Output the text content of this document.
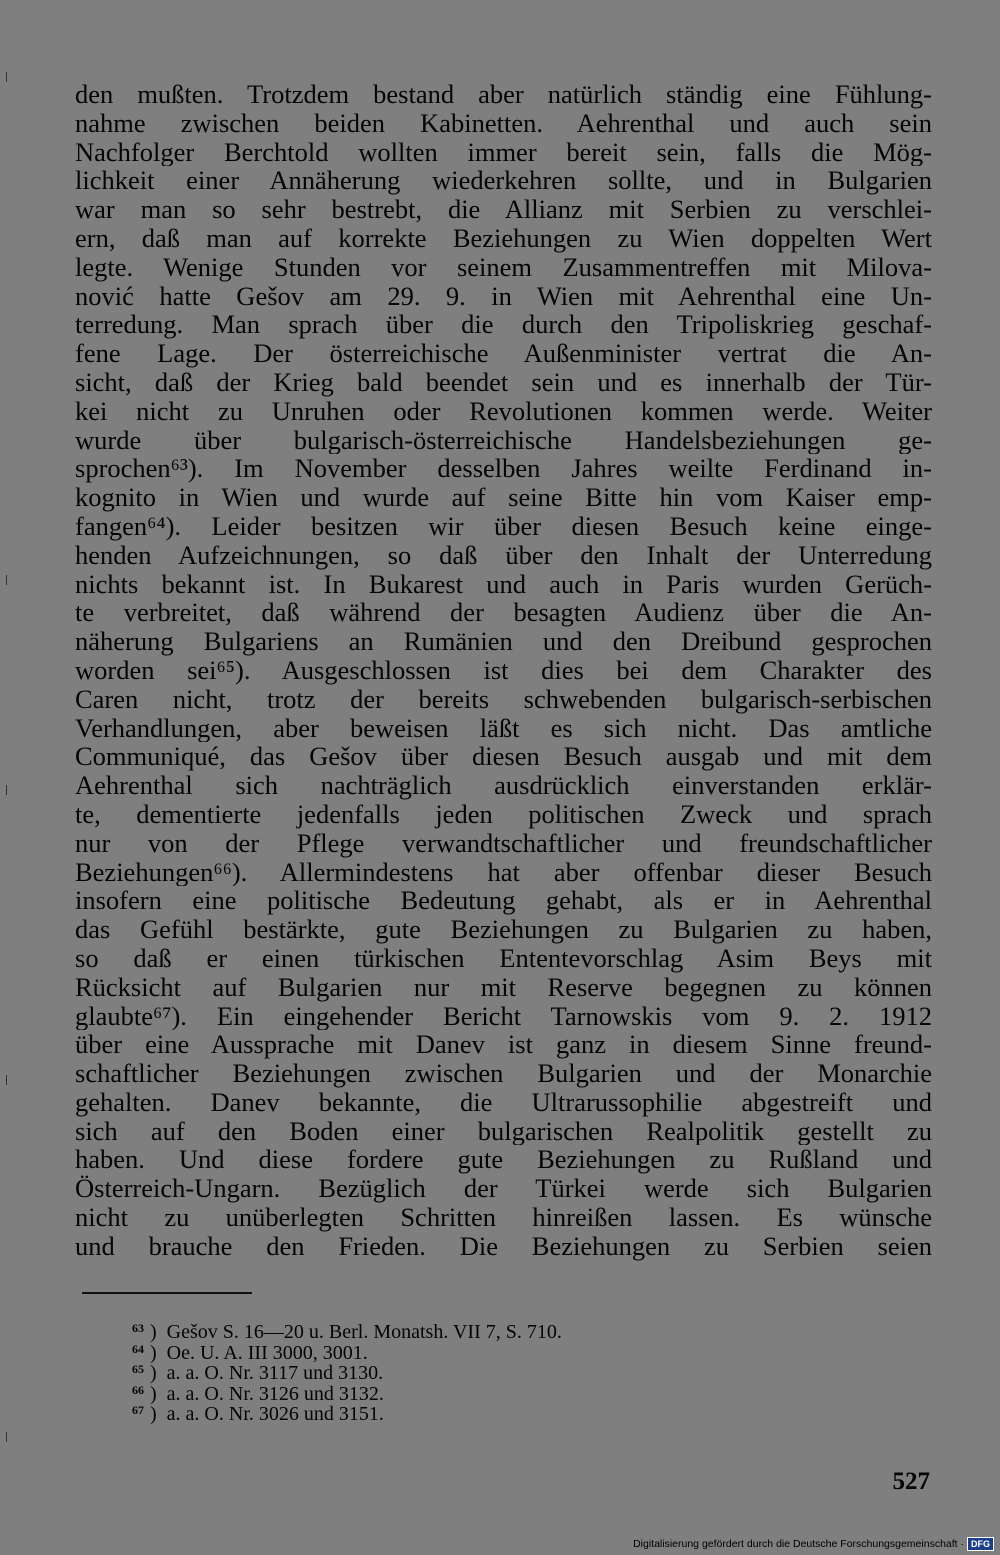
den mußten. Trotzdem bestand aber natürlich ständig eine Fühlung-
nahme zwischen beiden Kabinetten. Aehrenthal und auch sein
Nachfolger Berchtold wollten immer bereit sein, falls die Mög-
lichkeit einer Annäherung wiederkehren sollte, und in Bulgarien
war man so sehr bestrebt, die Allianz mit Serbien zu verschlei-
ern, daß man auf korrekte Beziehungen zu Wien doppelten Wert
legte. Wenige Stunden vor seinem Zusammentreffen mit Milova-
nović hatte Gešov am 29. 9. in Wien mit Aehrenthal eine Un-
terredung. Man sprach über die durch den Tripoliskrieg geschaf-
fene Lage. Der österreichische Außenminister vertrat die An-
sicht, daß der Krieg bald beendet sein und es innerhalb der Tür-
kei nicht zu Unruhen oder Revolutionen kommen werde. Weiter
wurde über bulgarisch-österreichische Handelsbeziehungen ge-
sprochen⁶³). Im November desselben Jahres weilte Ferdinand in-
kognito in Wien und wurde auf seine Bitte hin vom Kaiser emp-
fangen⁶⁴). Leider besitzen wir über diesen Besuch keine einge-
henden Aufzeichnungen, so daß über den Inhalt der Unterredung
nichts bekannt ist. In Bukarest und auch in Paris wurden Gerüch-
te verbreitet, daß während der besagten Audienz über die An-
näherung Bulgariens an Rumänien und den Dreibund gesprochen
worden sei⁶⁵). Ausgeschlossen ist dies bei dem Charakter des
Caren nicht, trotz der bereits schwebenden bulgarisch-serbischen
Verhandlungen, aber beweisen läßt es sich nicht. Das amtliche
Communiqué, das Gešov über diesen Besuch ausgab und mit dem
Aehrenthal sich nachträglich ausdrücklich einverstanden erklär-
te, dementierte jedenfalls jeden politischen Zweck und sprach
nur von der Pflege verwandtschaftlicher und freundschaftlicher
Beziehungen⁶⁶). Allermindestens hat aber offenbar dieser Besuch
insofern eine politische Bedeutung gehabt, als er in Aehrenthal
das Gefühl bestärkte, gute Beziehungen zu Bulgarien zu haben,
so daß er einen türkischen Ententevorschlag Asim Beys mit
Rücksicht auf Bulgarien nur mit Reserve begegnen zu können
glaubte⁶⁷). Ein eingehender Bericht Tarnowskis vom 9. 2. 1912
über eine Aussprache mit Danev ist ganz in diesem Sinne freund-
schaftlicher Beziehungen zwischen Bulgarien und der Monarchie
gehalten. Danev bekannte, die Ultrarussophilie abgestreift und
sich auf den Boden einer bulgarischen Realpolitik gestellt zu
haben. Und diese fordere gute Beziehungen zu Rußland und
Österreich-Ungarn. Bezüglich der Türkei werde sich Bulgarien
nicht zu unüberlegten Schritten hinreißen lassen. Es wünsche
und brauche den Frieden. Die Beziehungen zu Serbien seien
63 ) Gešov S. 16—20 u. Berl. Monatsh. VII 7, S. 710.
64 ) Oe. U. A. III 3000, 3001.
65 ) a. a. O. Nr. 3117 und 3130.
66 ) a. a. O. Nr. 3126 und 3132.
67 ) a. a. O. Nr. 3026 und 3151.
527
Digitalisierung gefördert durch die Deutsche Forschungsgemeinschaft · DFG
